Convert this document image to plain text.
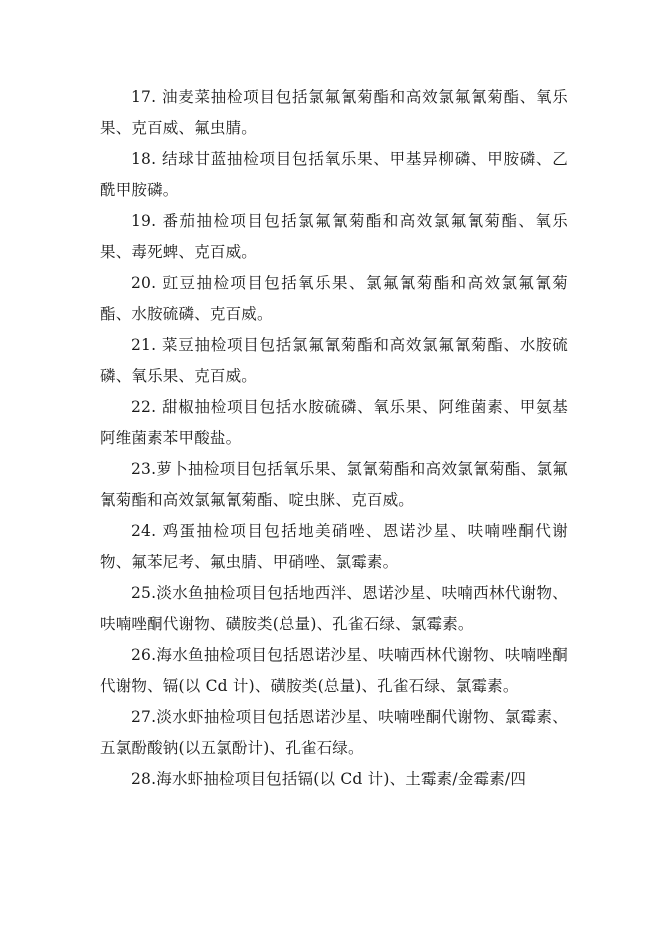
17. 油麦菜抽检项目包括氯氟氰菊酯和高效氯氟氰菊酯、氧乐果、克百威、氟虫腈。

18. 结球甘蓝抽检项目包括氧乐果、甲基异柳磷、甲胺磷、乙酰甲胺磷。

19. 番茄抽检项目包括氯氟氰菊酯和高效氯氟氰菊酯、氧乐果、毒死蜱、克百威。

20. 豇豆抽检项目包括氧乐果、氯氟氰菊酯和高效氯氟氰菊酯、水胺硫磷、克百威。

21. 菜豆抽检项目包括氯氟氰菊酯和高效氯氟氰菊酯、水胺硫磷、氧乐果、克百威。

22. 甜椒抽检项目包括水胺硫磷、氧乐果、阿维菌素、甲氨基阿维菌素苯甲酸盐。

23.萝卜抽检项目包括氧乐果、氯氰菊酯和高效氯氰菊酯、氯氟氰菊酯和高效氯氟氰菊酯、啶虫脒、克百威。

24. 鸡蛋抽检项目包括地美硝唑、恩诺沙星、呋喃唑酮代谢物、氟苯尼考、氟虫腈、甲硝唑、氯霉素。

25.淡水鱼抽检项目包括地西泮、恩诺沙星、呋喃西林代谢物、呋喃唑酮代谢物、磺胺类(总量)、孔雀石绿、氯霉素。

26.海水鱼抽检项目包括恩诺沙星、呋喃西林代谢物、呋喃唑酮代谢物、镉(以 Cd 计)、磺胺类(总量)、孔雀石绿、氯霉素。

27.淡水虾抽检项目包括恩诺沙星、呋喃唑酮代谢物、氯霉素、五氯酚酸钠(以五氯酚计)、孔雀石绿。

28.海水虾抽检项目包括镉(以 Cd 计)、土霉素/金霉素/四
